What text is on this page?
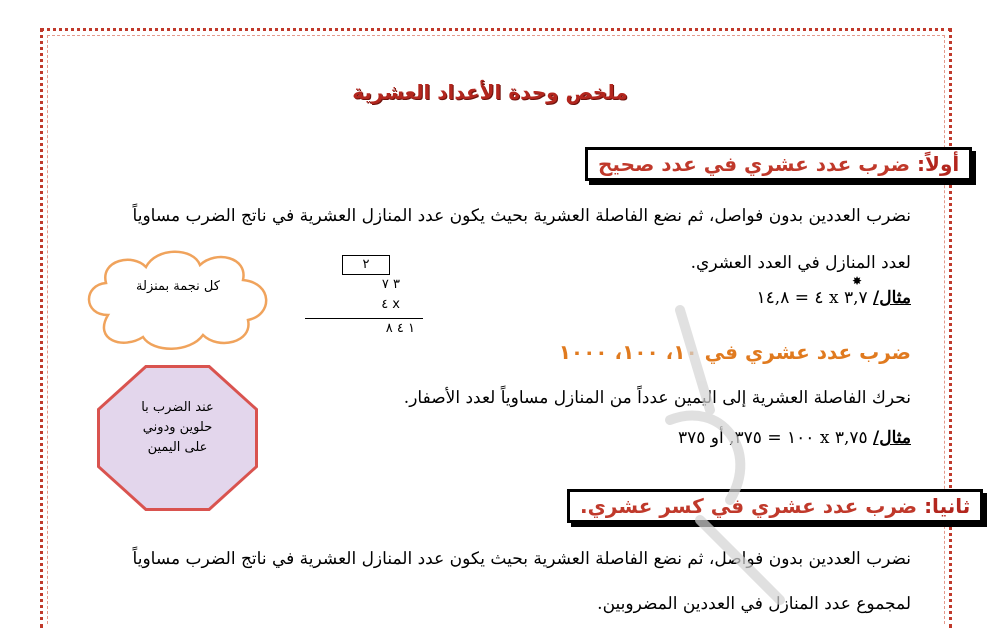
ملخص وحدة الأعداد العشرية
أولاً: ضرب عدد عشري في عدد صحيح
نضرب العددين بدون فواصل، ثم نضع الفاصلة العشرية بحيث يكون عدد المنازل العشرية في ناتج الضرب مساوياً
لعدد المنازل في العدد العشري.
✸
مثال/ ٣,٧ x ٤ = ١٤,٨
٢
٣ ٧
٤ x
١ ٤ ٨
كل نجمة بمنزلة
ضرب عدد عشري في ١٠، ١٠٠، ١٠٠٠
نحرك الفاصلة العشرية إلى اليمين عدداً من المنازل مساوياً لعدد الأصفار.
مثال/ ٣,٧٥ x ١٠٠ = ٣٧٥, أو ٣٧٥
عند الضرب با
حلوين ودوني
على اليمين
ثانيا: ضرب عدد عشري في كسر عشري.
نضرب العددين بدون فواصل، ثم نضع الفاصلة العشرية بحيث يكون عدد المنازل العشرية في ناتج الضرب مساوياً
لمجموع عدد المنازل في العددين المضروبين.
